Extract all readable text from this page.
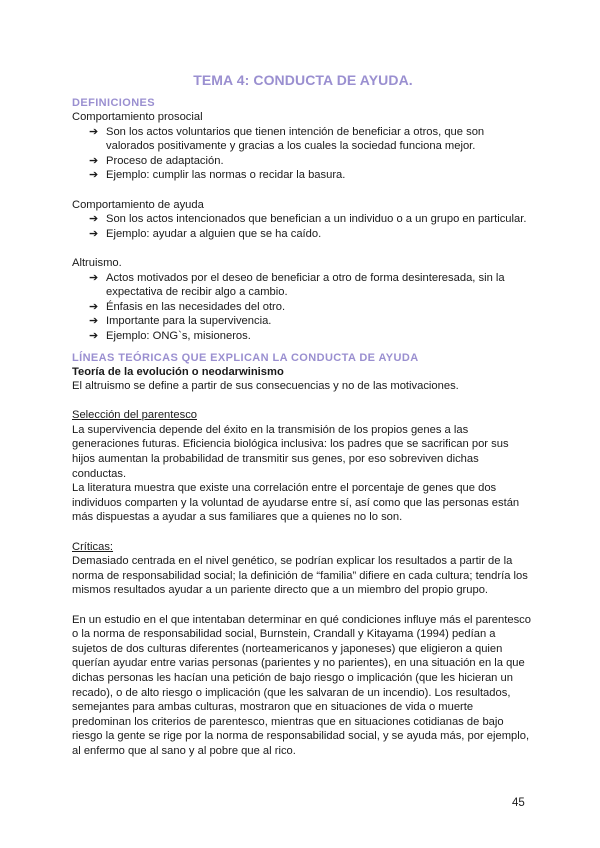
TEMA 4: CONDUCTA DE AYUDA.

DEFINICIONES

Comportamiento prosocial

➔ Son los actos voluntarios que tienen intención de beneficiar a otros, que son valorados positivamente y gracias a los cuales la sociedad funciona mejor.
➔ Proceso de adaptación.
➔ Ejemplo: cumplir las normas o recidar la basura.

Comportamiento de ayuda

➔ Son los actos intencionados que benefician a un individuo o a un grupo en particular.
➔ Ejemplo: ayudar a alguien que se ha caído.

Altruismo.

➔ Actos motivados por el deseo de beneficiar a otro de forma desinteresada, sin la expectativa de recibir algo a cambio.
➔ Énfasis en las necesidades del otro.
➔ Importante para la supervivencia.
➔ Ejemplo: ONG`s, misioneros.

LÍNEAS TEÓRICAS QUE EXPLICAN LA CONDUCTA DE AYUDA

Teoría de la evolución o neodarwinismo

El altruismo se define a partir de sus consecuencias y no de las motivaciones.

Selección del parentesco

La supervivencia depende del éxito en la transmisión de los propios genes a las generaciones futuras. Eficiencia biológica inclusiva: los padres que se sacrifican por sus hijos aumentan la probabilidad de transmitir sus genes, por eso sobreviven dichas conductas.

La literatura muestra que existe una correlación entre el porcentaje de genes que dos individuos comparten y la voluntad de ayudarse entre sí, así como que las personas están más dispuestas a ayudar a sus familiares que a quienes no lo son.

Críticas:

Demasiado centrada en el nivel genético, se podrían explicar los resultados a partir de la norma de responsabilidad social; la definición de “familia” difiere en cada cultura; tendría los mismos resultados ayudar a un pariente directo que a un miembro del propio grupo.

En un estudio en el que intentaban determinar en qué condiciones influye más el parentesco o la norma de responsabilidad social, Burnstein, Crandall y Kitayama (1994) pedían a sujetos de dos culturas diferentes (norteamericanos y japoneses) que eligieron a quien querían ayudar entre varias personas (parientes y no parientes), en una situación en la que dichas personas les hacían una petición de bajo riesgo o implicación (que les hicieran un recado), o de alto riesgo o implicación (que les salvaran de un incendio). Los resultados, semejantes para ambas culturas, mostraron que en situaciones de vida o muerte predominan los criterios de parentesco, mientras que en situaciones cotidianas de bajo riesgo la gente se rige por la norma de responsabilidad social, y se ayuda más, por ejemplo, al enfermo que al sano y al pobre que al rico.

45
